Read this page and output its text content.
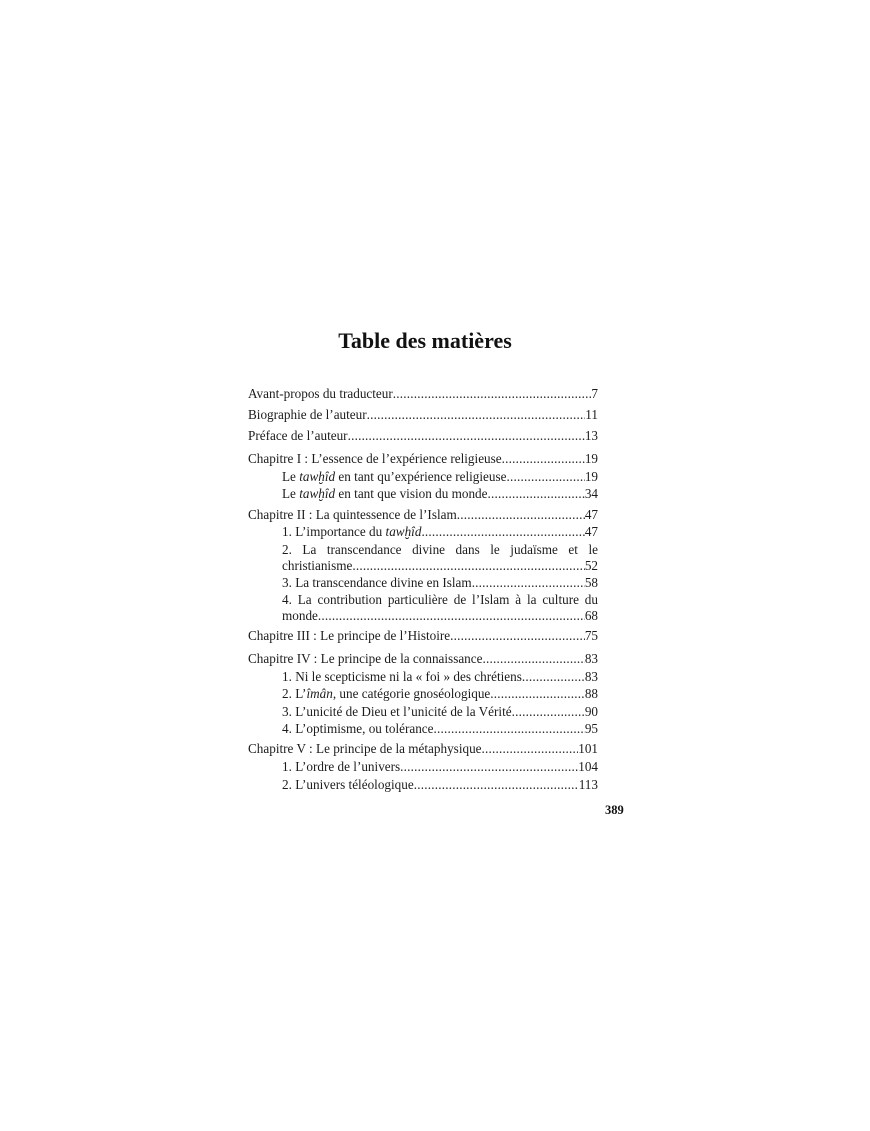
Table des matières
Avant-propos du traducteur .....	7
Biographie de l’auteur .....	11
Préface de l’auteur .....	13
Chapitre I : L’essence de l’expérience religieuse .....	19
Le tawḫîd en tant qu’expérience religieuse .....	19
Le tawḫîd en tant que vision du monde .....	34
Chapitre II : La quintessence de l’Islam .....	47
1. L’importance du tawḫîd .....	47
2. La transcendance divine dans le judaïsme et le
christianisme .....	52
3. La transcendance divine en Islam .....	58
4. La contribution particulière de l’Islam à la culture du
monde .....	68
Chapitre III : Le principe de l’Histoire .....	75
Chapitre IV : Le principe de la connaissance .....	83
1. Ni le scepticisme ni la « foi » des chrétiens .....	83
2. L’îmân, une catégorie gnoséologique .....	88
3. L’unicité de Dieu et l’unicité de la Vérité .....	90
4. L’optimisme, ou tolérance .....	95
Chapitre V : Le principe de la métaphysique .....	101
1. L’ordre de l’univers .....	104
2. L’univers téléologique .....	113
389
